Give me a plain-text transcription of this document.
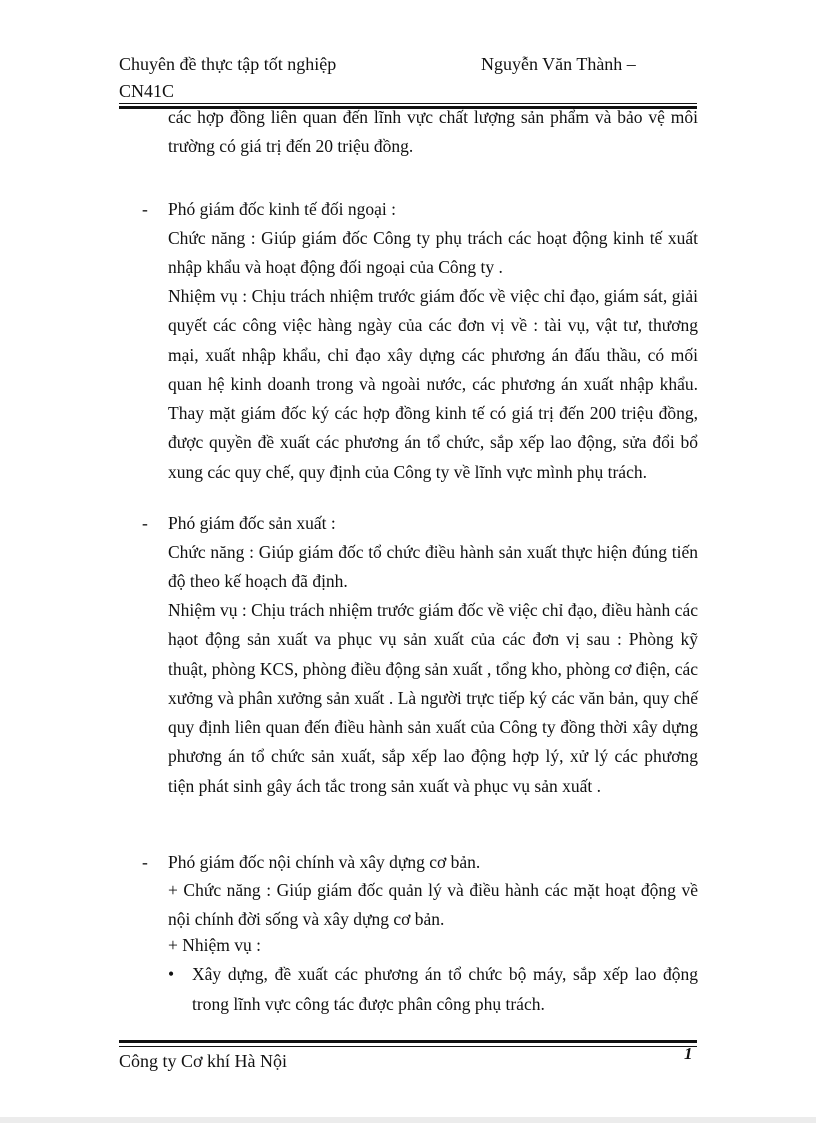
Chuyên đề thực tập tốt nghiệp	Nguyễn Văn Thành –
CN41C

các hợp đồng liên quan đến lĩnh vực chất lượng sản phẩm và bảo vệ môi trường có giá trị đến 20 triệu đồng.

- Phó giám đốc kinh tế đối ngoại :

Chức năng : Giúp giám đốc Công ty phụ trách các hoạt động kinh tế xuất nhập khẩu và hoạt động đối ngoại của Công ty .

Nhiệm vụ : Chịu trách nhiệm trước giám đốc về việc chỉ đạo, giám sát, giải quyết các công việc hàng ngày của các đơn vị về : tài vụ, vật tư, thương mại, xuất nhập khẩu, chỉ đạo xây dựng các phương án đấu thầu, có mối quan hệ kinh doanh trong và ngoài nước, các phương án xuất nhập khẩu. Thay mặt giám đốc ký các hợp đồng kinh tế có giá trị đến 200 triệu đồng, được quyền đề xuất các phương án tổ chức, sắp xếp lao động, sửa đổi bổ xung các quy chế, quy định của Công ty về lĩnh vực mình phụ trách.

- Phó giám đốc sản xuất :

Chức năng : Giúp giám đốc tổ chức điều hành sản xuất thực hiện đúng tiến độ theo kế hoạch đã định.

Nhiệm vụ : Chịu trách nhiệm trước giám đốc về việc chỉ đạo, điều hành các hạot động sản xuất va phục vụ sản xuất của các đơn vị sau : Phòng kỹ thuật, phòng KCS, phòng điều động sản xuất , tổng kho, phòng cơ điện, các xưởng và phân xưởng sản xuất . Là người trực tiếp ký các văn bản, quy chế quy định liên quan đến điều hành sản xuất của Công ty đồng thời xây dựng phương án tổ chức sản xuất, sắp xếp lao động hợp lý, xử lý các phương tiện phát sinh gây ách tắc trong sản xuất và phục vụ sản xuất .

- Phó giám đốc nội chính và xây dựng cơ bản.

+ Chức năng : Giúp giám đốc quản lý và điều hành các mặt hoạt động về nội chính đời sống và xây dựng cơ bản.

+ Nhiệm vụ :
•	Xây dựng, đề xuất các phương án tổ chức bộ máy, sắp xếp lao động trong lĩnh vực công tác được phân công phụ trách.
Công ty Cơ khí Hà Nội	1
